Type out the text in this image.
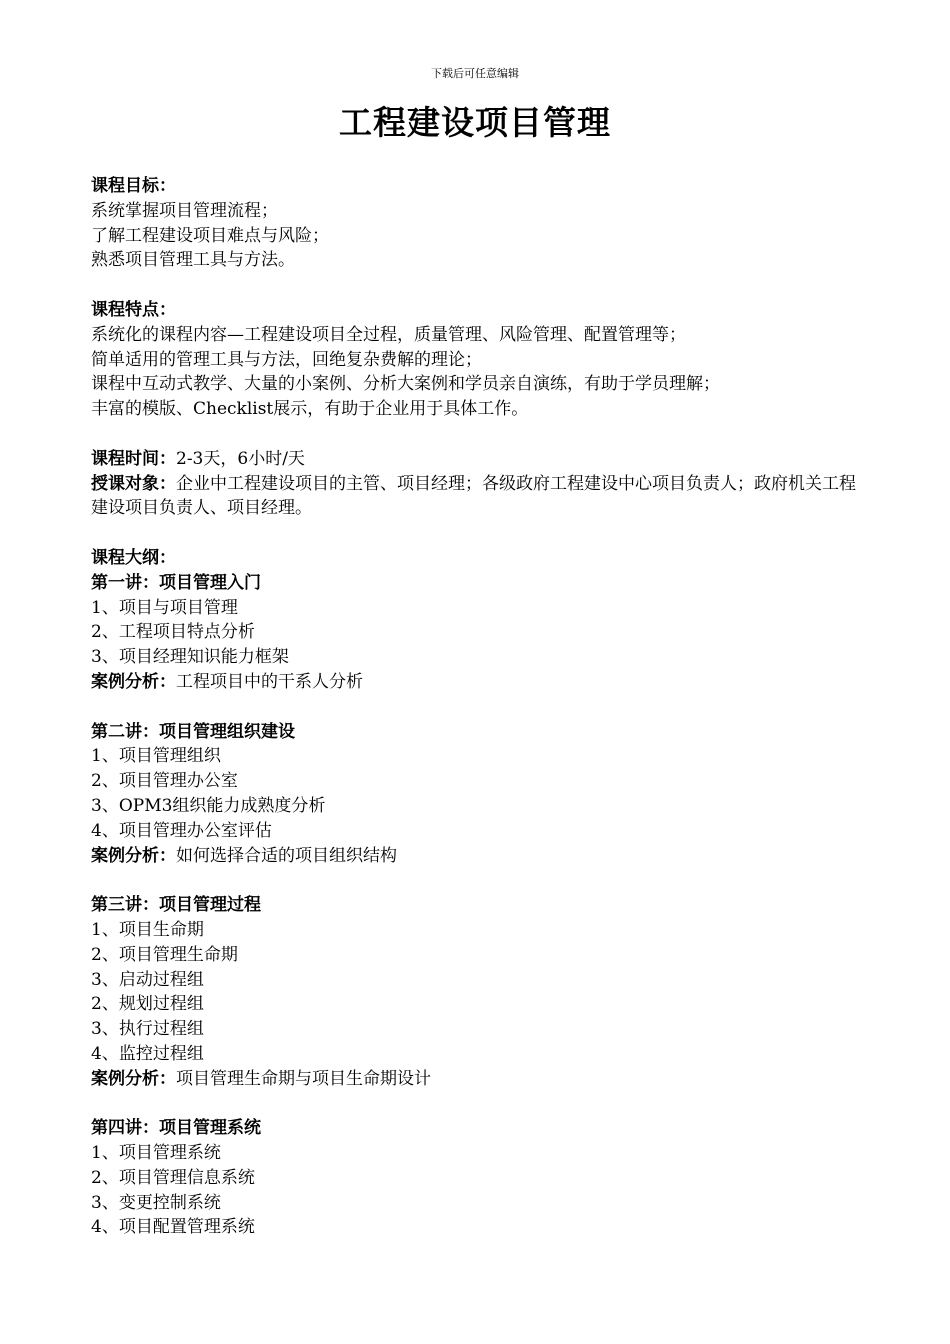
下载后可任意编辑
工程建设项目管理
课程目标：
系统掌握项目管理流程；
了解工程建设项目难点与风险；
熟悉项目管理工具与方法。
课程特点：
系统化的课程内容—工程建设项目全过程，质量管理、风险管理、配置管理等；
简单适用的管理工具与方法，回绝复杂费解的理论；
课程中互动式教学、大量的小案例、分析大案例和学员亲自演练，有助于学员理解；
丰富的模版、Checklist展示，有助于企业用于具体工作。
课程时间：2-3天，6小时/天
授课对象：企业中工程建设项目的主管、项目经理；各级政府工程建设中心项目负责人；政府机关工程建设项目负责人、项目经理。
课程大纲：
第一讲：项目管理入门
1、项目与项目管理
2、工程项目特点分析
3、项目经理知识能力框架
案例分析：工程项目中的干系人分析
第二讲：项目管理组织建设
1、项目管理组织
2、项目管理办公室
3、OPM3组织能力成熟度分析
4、项目管理办公室评估
案例分析：如何选择合适的项目组织结构
第三讲：项目管理过程
1、项目生命期
2、项目管理生命期
3、启动过程组
2、规划过程组
3、执行过程组
4、监控过程组
案例分析：项目管理生命期与项目生命期设计
第四讲：项目管理系统
1、项目管理系统
2、项目管理信息系统
3、变更控制系统
4、项目配置管理系统
